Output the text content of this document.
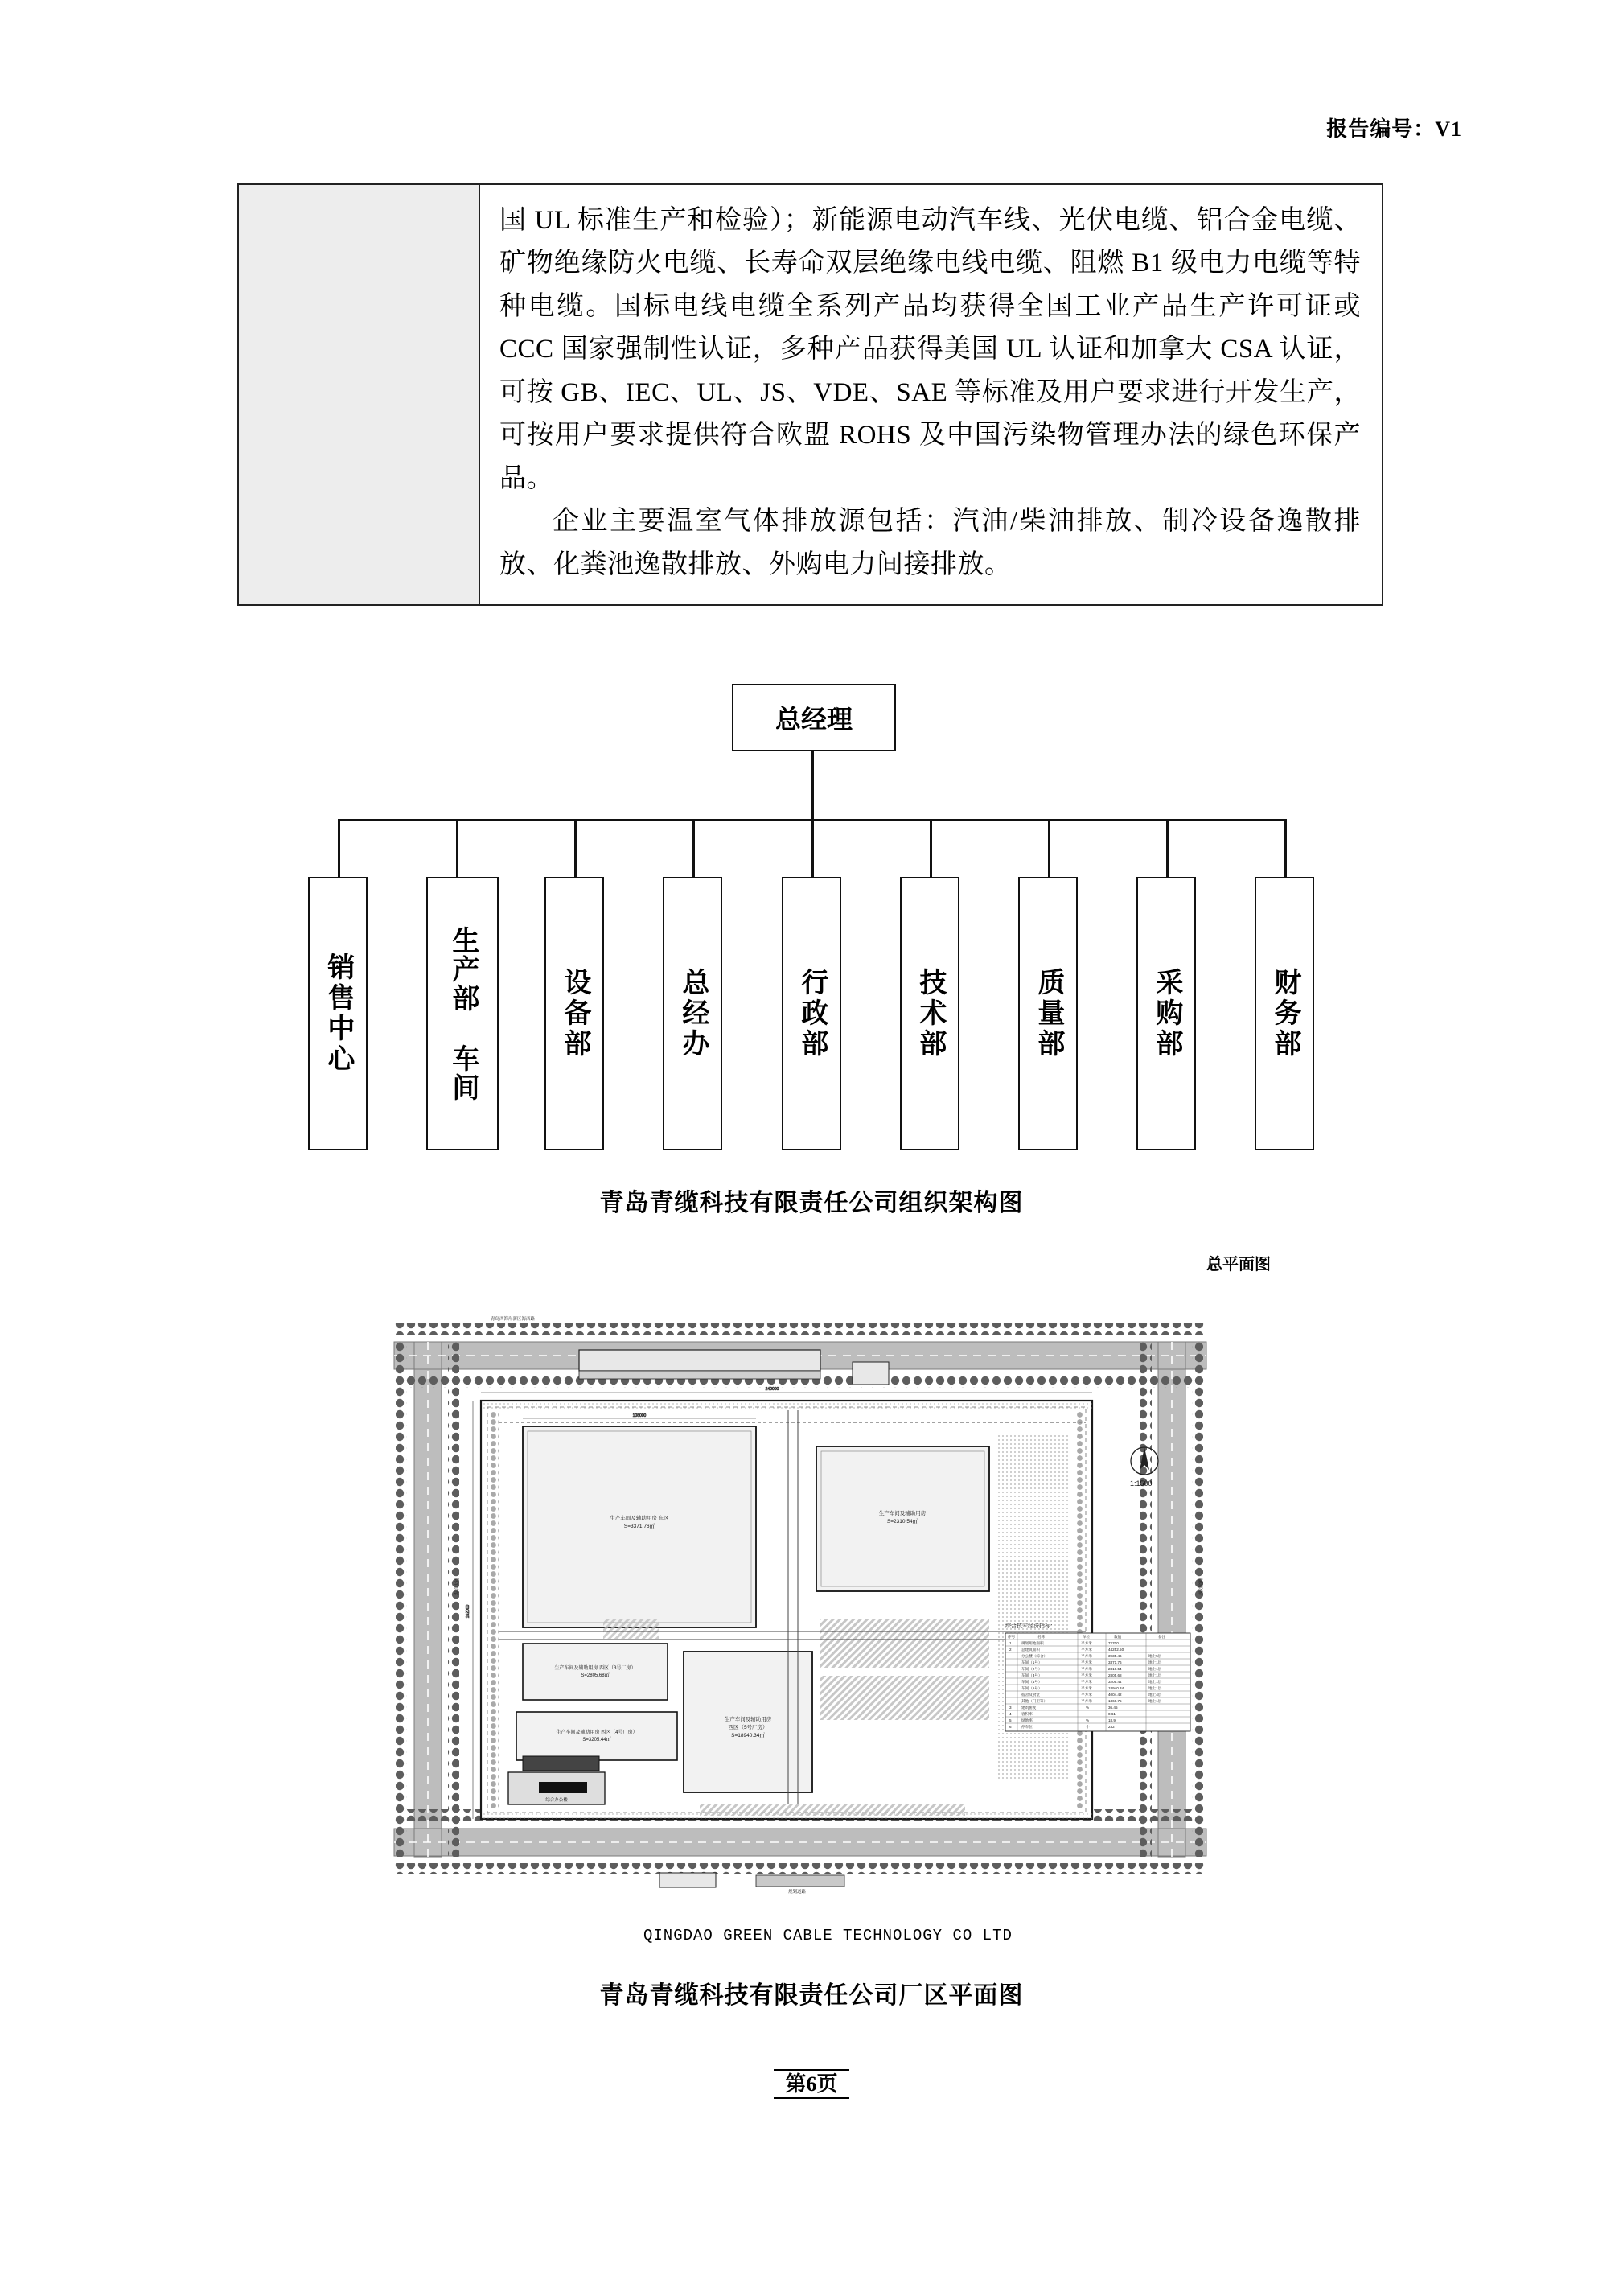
报告编号：V1
国 UL 标准生产和检验）；新能源电动汽车线、光伏电缆、铝合金电缆、矿物绝缘防火电缆、长寿命双层绝缘电线电缆、阻燃 B1 级电力电缆等特种电缆。国标电线电缆全系列产品均获得全国工业产品生产许可证或 CCC 国家强制性认证，多种产品获得美国 UL 认证和加拿大 CSA 认证，可按 GB、IEC、UL、JS、VDE、SAE 等标准及用户要求进行开发生产，可按用户要求提供符合欧盟 ROHS 及中国污染物管理办法的绿色环保产品。
企业主要温室气体排放源包括：汽油/柴油排放、制冷设备逸散排放、化粪池逸散排放、外购电力间接排放。
总经理
销售中心	生产部 车间	设备部	总经办	行政部	技术部	质量部	采购部	财务部
青岛青缆科技有限责任公司组织架构图
总平面图
1:1500
生产车间及辅助用房 东区
S=3371.76㎡
生产车间及辅助用房
S=2310.54㎡
生产车间及辅助用房 西区（3号厂房）
S=2805.68㎡
生产车间及辅助用房 西区（4号厂房）
S=3205.44㎡
生产车间及辅助用房
西区（5号厂房）
S=18940.34㎡
综合办公楼
240000
162000
108000
综合技术经济指标：
序号	名称	单位	数值	备注
1	规划用地面积	平方米	72700
2	总建筑面积	平方米	44252.50
办公楼（综合）	平方米	3935.46	地上5层
车间（1号）	平方米	3371.76	地上1层
车间（2号）	平方米	2310.54	地上1层
车间（3号）	平方米	2805.68	地上1层
车间（4号）	平方米	3205.44	地上1层
车间（5号）	平方米	18940.34	地上1层
宿舍及食堂	平方米	4004.42	地上4层
其他（门卫等）	平方米	1366.75	地上1层
3	建筑密度	%	36.45
4	容积率	0.61
5	绿地率	%	18.9
6	停车位	个	232
青岛西海岸新区海西路
海滨大道	规划道路
规划道路
QINGDAO GREEN CABLE TECHNOLOGY CO LTD
青岛青缆科技有限责任公司厂区平面图
第6页
